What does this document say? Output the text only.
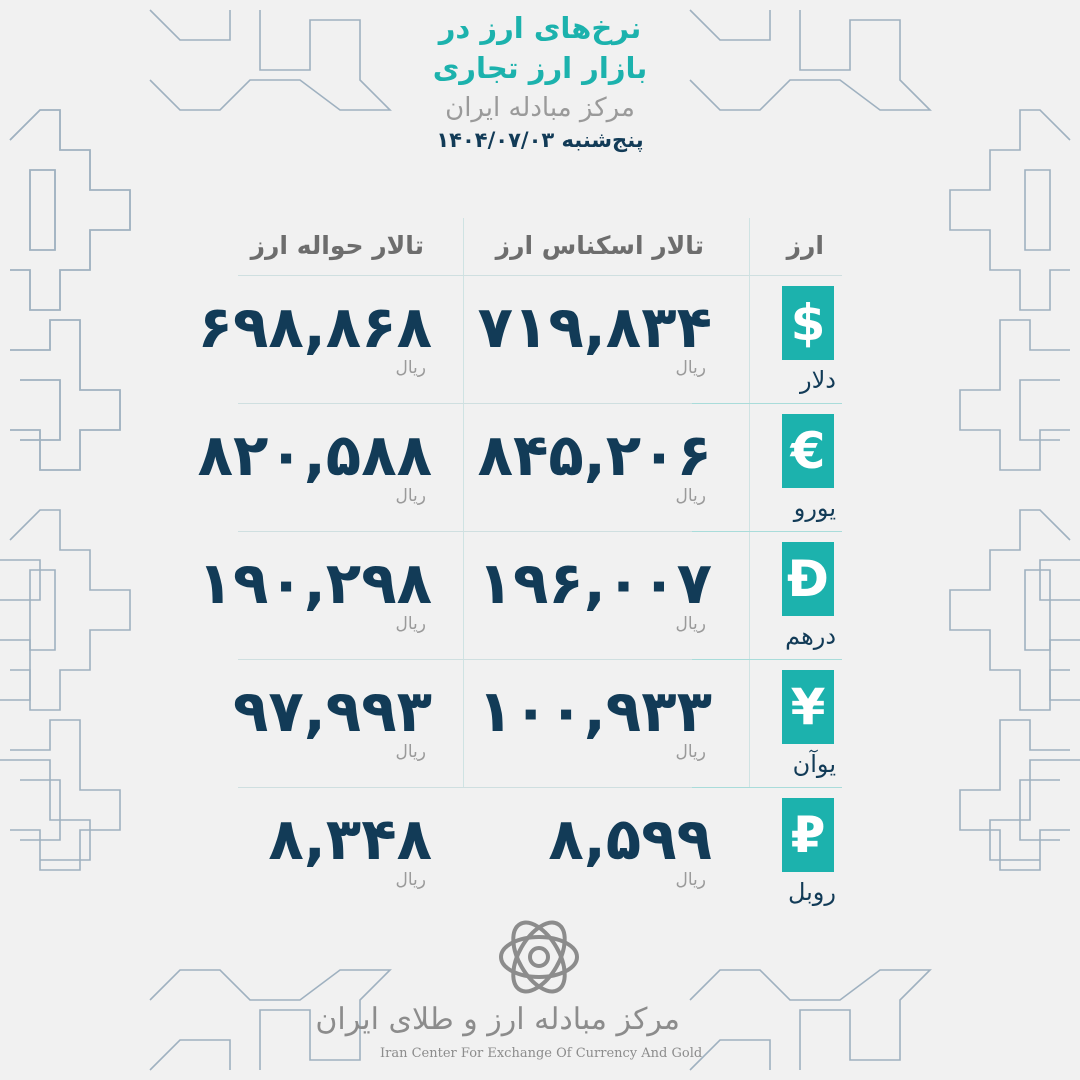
نرخ‌های ارز در
بازار ارز تجاری
مرکز مبادله ایران
پنج‌شنبه ۱۴۰۴/۰۷/۰۳
ارز
تالار اسکناس ارز
تالار حواله ارز
$
دلار
۷۱۹,۸۳۴
ریال
۶۹۸,۸۶۸
ریال
€
یورو
۸۴۵,۲۰۶
ریال
۸۲۰,۵۸۸
ریال
Đ
درهم
۱۹۶,۰۰۷
ریال
۱۹۰,۲۹۸
ریال
¥
یوآن
۱۰۰,۹۳۳
ریال
۹۷,۹۹۳
ریال
₽
روبل
۸,۵۹۹
ریال
۸,۳۴۸
ریال
مرکز مبادله ارز و طلای ایران
Iran Center For Exchange Of Currency And Gold
